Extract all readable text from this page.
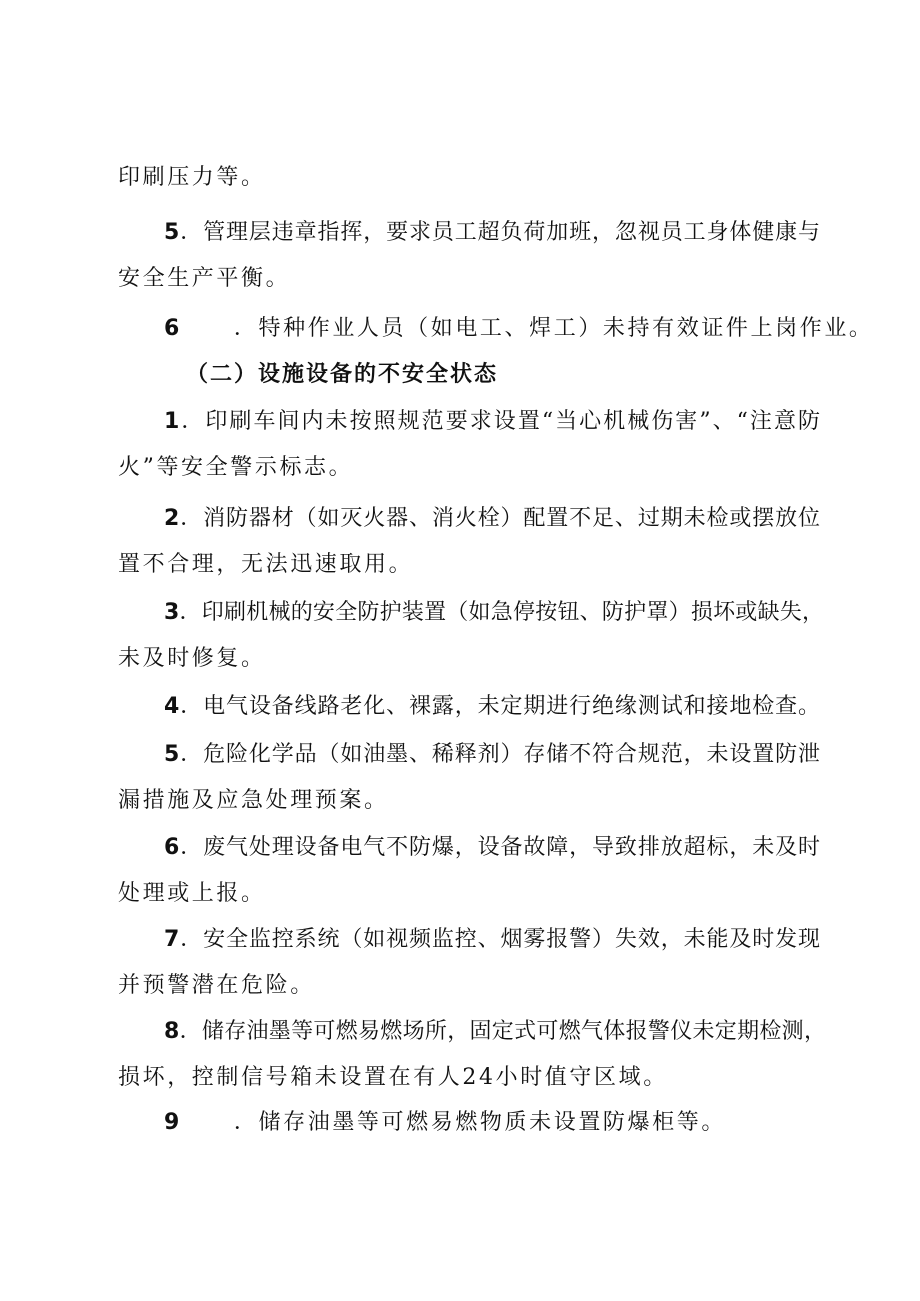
印刷压力等。
5．管理层违章指挥，要求员工超负荷加班，忽视员工身体健康与
安全生产平衡。
6 ．特种作业人员（如电工、焊工）未持有效证件上岗作业。
（二）设施设备的不安全状态
1．印刷车间内未按照规范要求设置“当心机械伤害”、“注意防
火”等安全警示标志。
2．消防器材（如灭火器、消火栓）配置不足、过期未检或摆放位
置不合理，无法迅速取用。
3．印刷机械的安全防护装置（如急停按钮、防护罩）损坏或缺失，
未及时修复。
4．电气设备线路老化、裸露，未定期进行绝缘测试和接地检查。
5．危险化学品（如油墨、稀释剂）存储不符合规范，未设置防泄
漏措施及应急处理预案。
6．废气处理设备电气不防爆，设备故障，导致排放超标，未及时
处理或上报。
7．安全监控系统（如视频监控、烟雾报警）失效，未能及时发现
并预警潜在危险。
8．储存油墨等可燃易燃场所，固定式可燃气体报警仪未定期检测，
损坏，控制信号箱未设置在有人24小时值守区域。
9 ．储存油墨等可燃易燃物质未设置防爆柜等。
